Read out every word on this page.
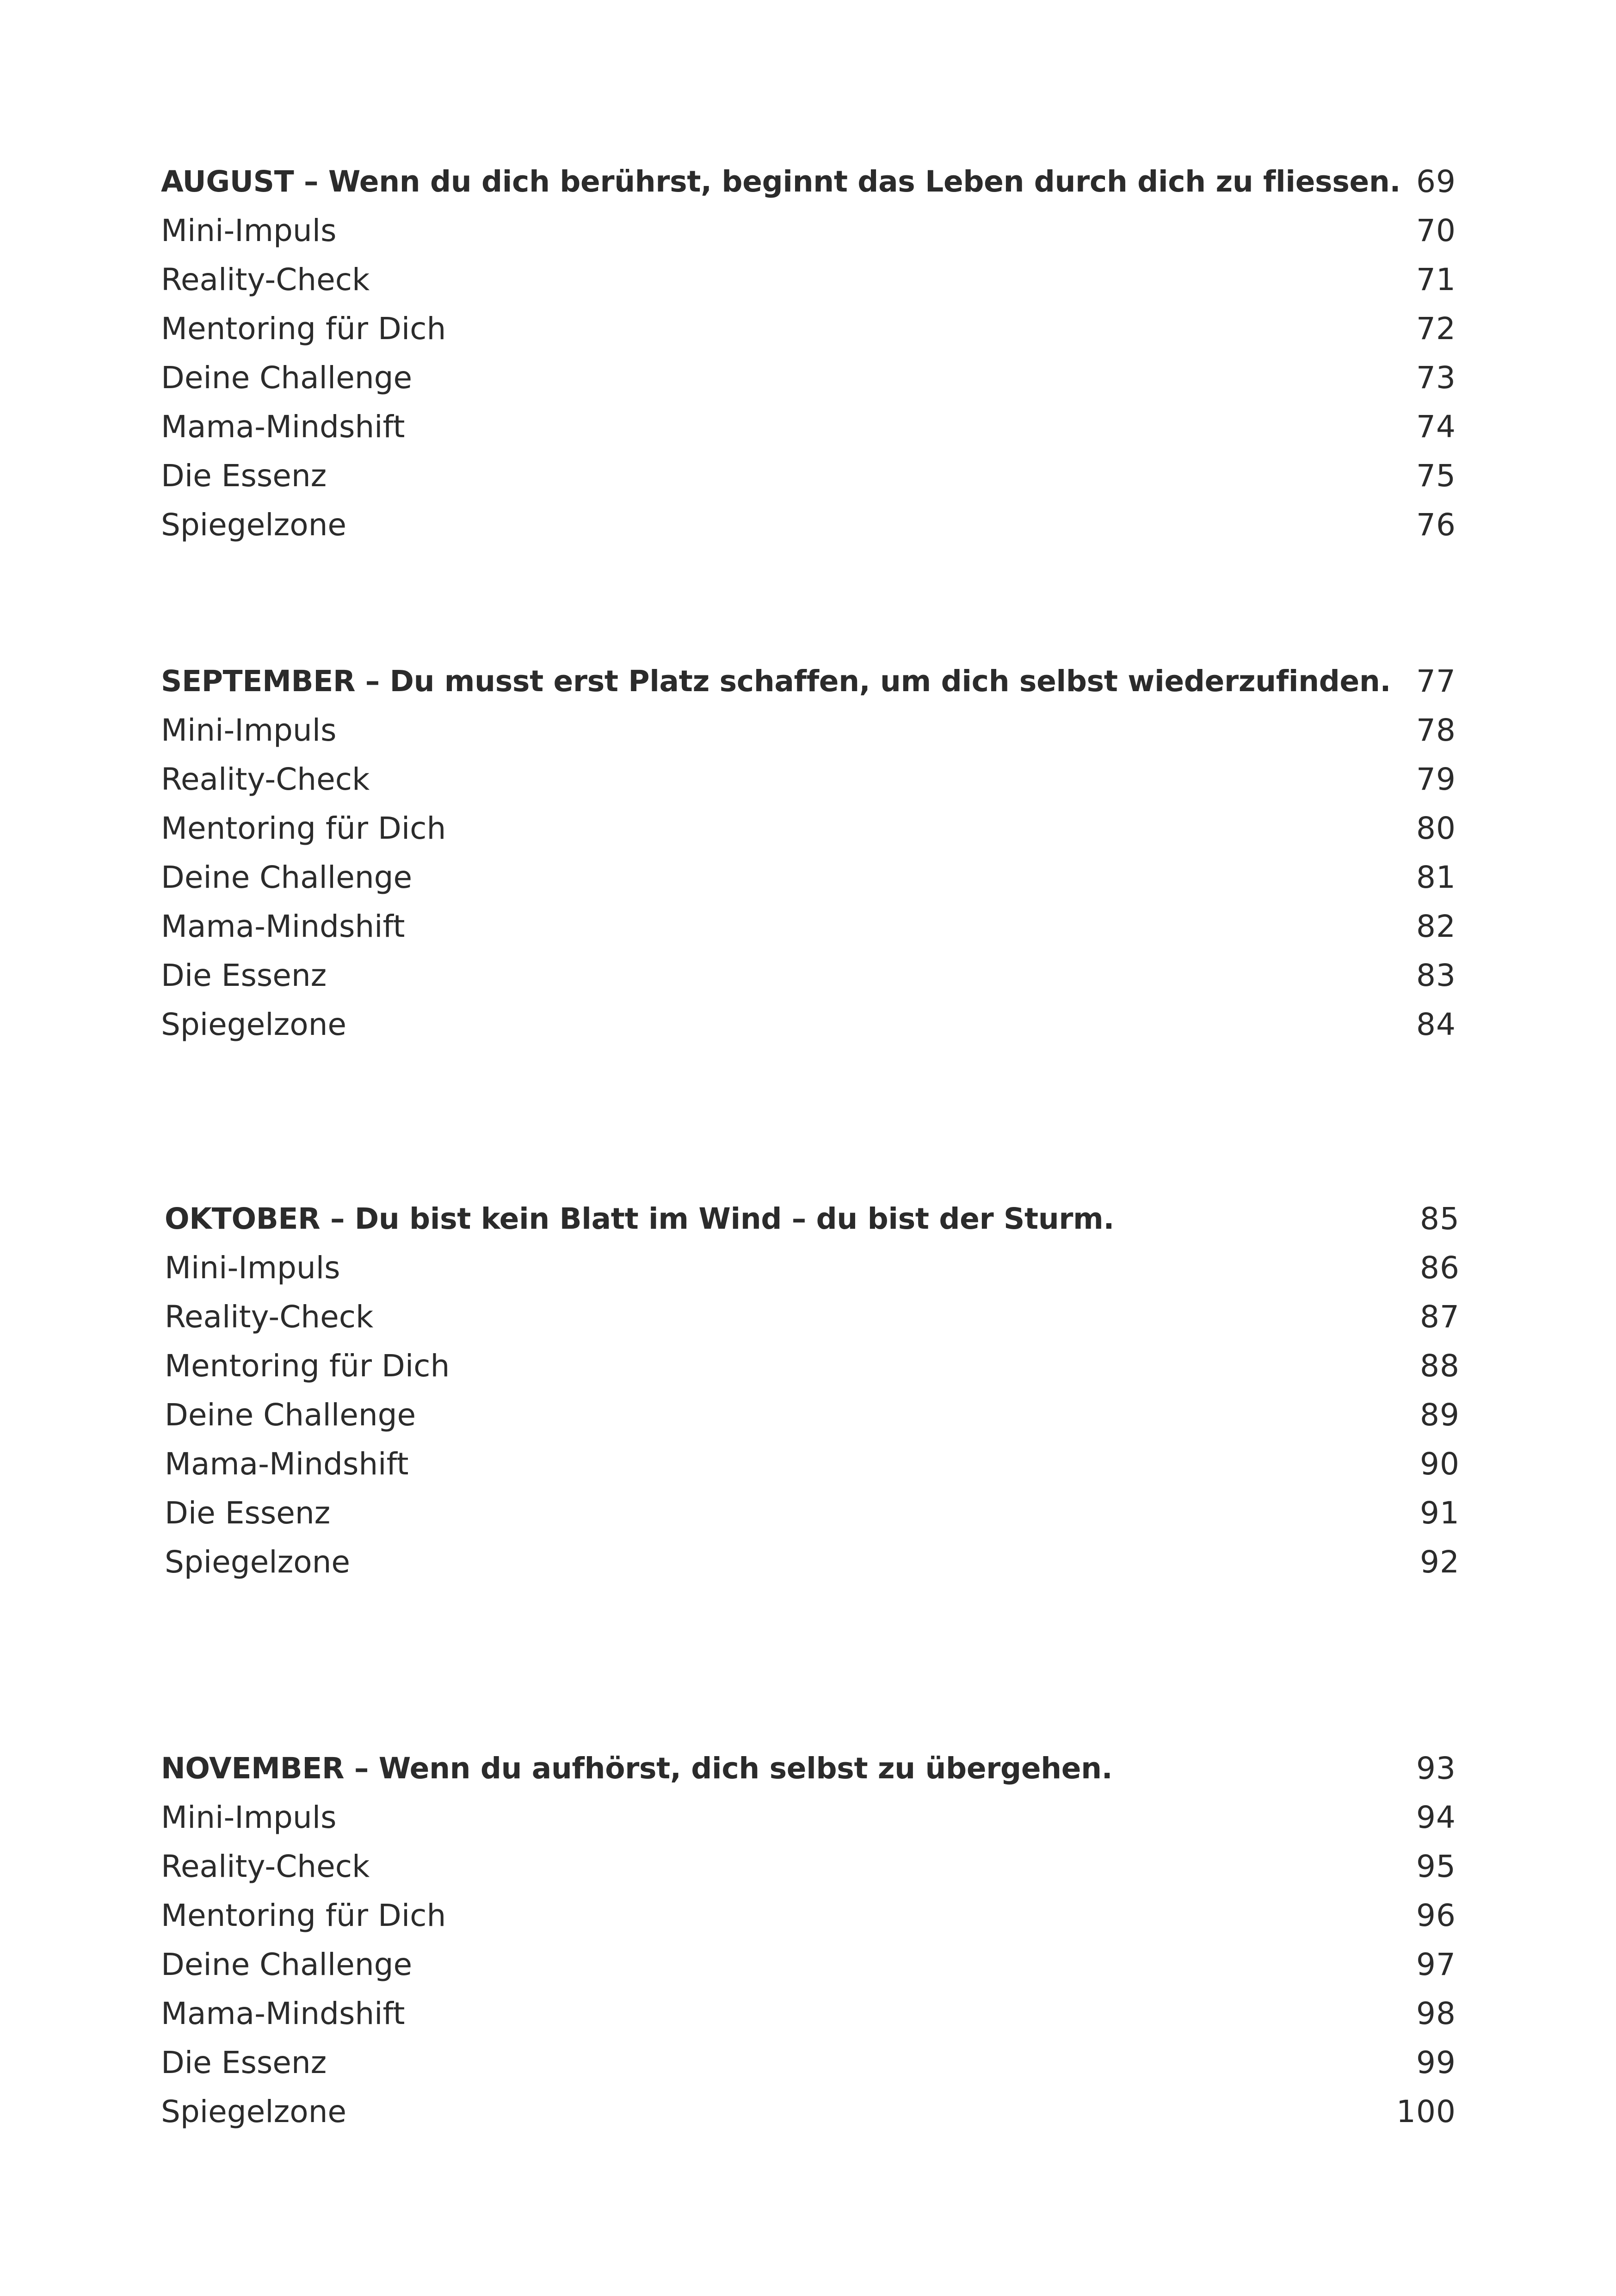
AUGUST – Wenn du dich berührst, beginnt das Leben durch dich zu fliessen. 69
Mini-Impuls	70
Reality-Check	71
Mentoring für Dich	72
Deine Challenge	73
Mama-Mindshift	74
Die Essenz	75
Spiegelzone	76
SEPTEMBER – Du musst erst Platz schaffen, um dich selbst wiederzufinden. 77
Mini-Impuls	78
Reality-Check	79
Mentoring für Dich	80
Deine Challenge	81
Mama-Mindshift	82
Die Essenz	83
Spiegelzone	84
OKTOBER – Du bist kein Blatt im Wind – du bist der Sturm.	85
Mini-Impuls	86
Reality-Check	87
Mentoring für Dich	88
Deine Challenge	89
Mama-Mindshift	90
Die Essenz	91
Spiegelzone	92
NOVEMBER – Wenn du aufhörst, dich selbst zu übergehen.	93
Mini-Impuls	94
Reality-Check	95
Mentoring für Dich	96
Deine Challenge	97
Mama-Mindshift	98
Die Essenz	99
Spiegelzone	100
